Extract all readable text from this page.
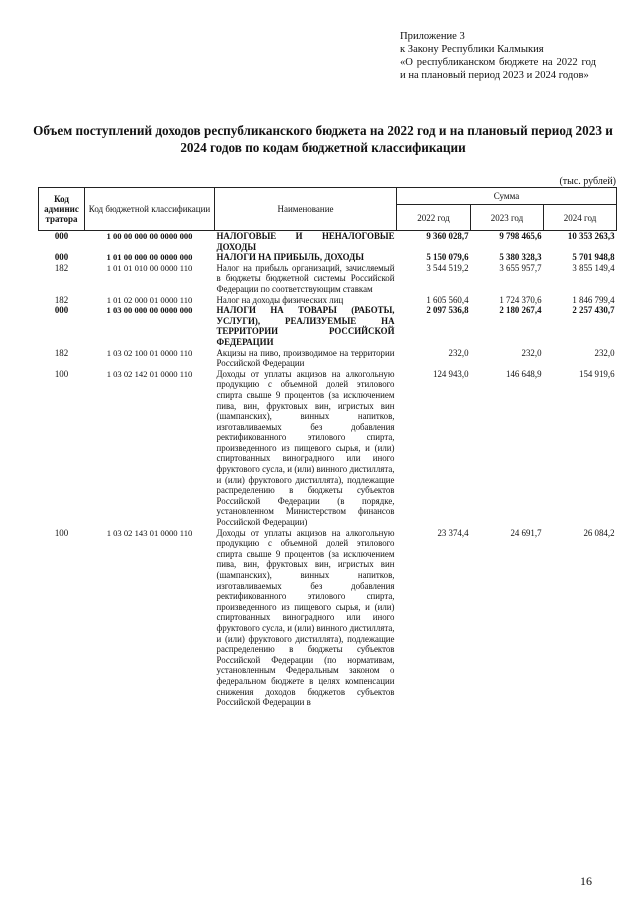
Приложение 3
к Закону Республики Калмыкия
«О республиканском бюджете на 2022 год и на плановый период 2023 и 2024 годов»
Объем поступлений доходов республиканского бюджета на 2022 год и на плановый период 2023 и 2024 годов по кодам бюджетной классификации
(тыс. рублей)
Код админис тратора	Код бюджетной классификации	Наименование	Сумма		
			2022 год	2023 год	2024 год
000	1 00 00 000 00 0000 000	НАЛОГОВЫЕ И НЕНАЛОГОВЫЕ ДОХОДЫ	9 360 028,7	9 798 465,6	10 353 263,3
000	1 01 00 000 00 0000 000	НАЛОГИ НА ПРИБЫЛЬ, ДОХОДЫ	5 150 079,6	5 380 328,3	5 701 948,8
182	1 01 01 010 00 0000 110	Налог на прибыль организаций, зачисляемый в бюджеты бюджетной системы Российской Федерации по соответствующим ставкам	3 544 519,2	3 655 957,7	3 855 149,4
182	1 01 02 000 01 0000 110	Налог на доходы физических лиц	1 605 560,4	1 724 370,6	1 846 799,4
000	1 03 00 000 00 0000 000	НАЛОГИ НА ТОВАРЫ (РАБОТЫ, УСЛУГИ), РЕАЛИЗУЕМЫЕ НА ТЕРРИТОРИИ РОССИЙСКОЙ ФЕДЕРАЦИИ	2 097 536,8	2 180 267,4	2 257 430,7
182	1 03 02 100 01 0000 110	Акцизы на пиво, производимое на территории Российской Федерации	232,0	232,0	232,0
100	1 03 02 142 01 0000 110	Доходы от уплаты акцизов на алкогольную продукцию с объемной долей этилового спирта свыше 9 процентов (за исключением пива, вин, фруктовых вин, игристых вин (шампанских), винных напитков, изготавливаемых без добавления ректификованного этилового спирта, произведенного из пищевого сырья, и (или) спиртованных виноградного или иного фруктового сусла, и (или) винного дистиллята, и (или) фруктового дистиллята), подлежащие распределению в бюджеты субъектов Российской Федерации (в порядке, установленном Министерством финансов Российской Федерации)	124 943,0	146 648,9	154 919,6
100	1 03 02 143 01 0000 110	Доходы от уплаты акцизов на алкогольную продукцию с объемной долей этилового спирта свыше 9 процентов (за исключением пива, вин, фруктовых вин, игристых вин (шампанских), винных напитков, изготавливаемых без добавления ректификованного этилового спирта, произведенного из пищевого сырья, и (или) спиртованных виноградного или иного фруктового сусла, и (или) винного дистиллята, и (или) фруктового дистиллята), подлежащие распределению в бюджеты субъектов Российской Федерации (по нормативам, установленным Федеральным законом о федеральном бюджете в целях компенсации снижения доходов бюджетов субъектов Российской Федерации в	23 374,4	24 691,7	26 084,2
16
